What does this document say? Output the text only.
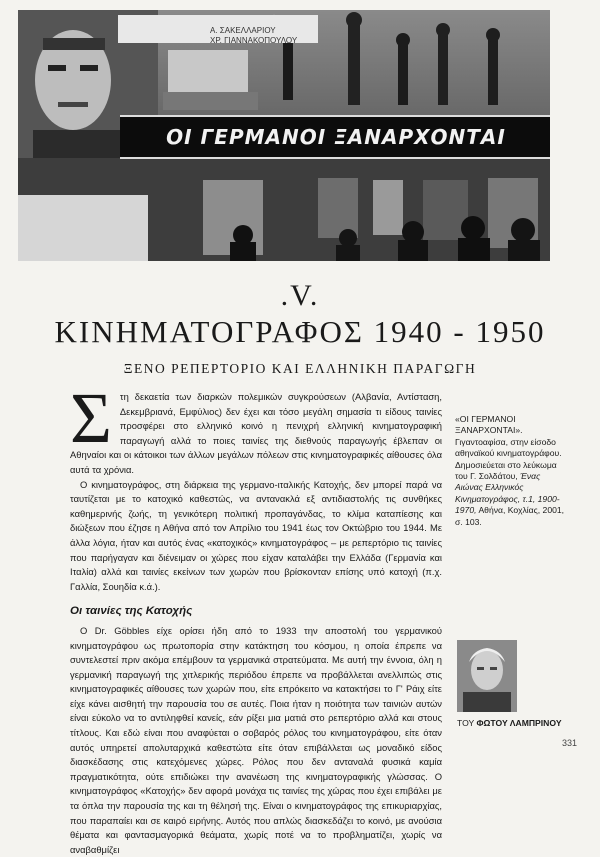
Α. ΣΑΚΕΛΛΑΡΙΟΥ
ΧΡ. ΓΙΑΝΝΑΚΟΠΟΥΛΟΥ
ΟΙ ΓΕΡΜΑΝΟΙ ΞΑΝΑΡΧΟΝΤΑΙ
.V.
ΚΙΝΗΜΑΤΟΓΡΑΦΟΣ 1940 - 1950
ΞΕΝΟ ΡΕΠΕΡΤΟΡΙΟ ΚΑΙ ΕΛΛΗΝΙΚΗ ΠΑΡΑΓΩΓΗ

Στη δεκαετία των διαρκών πολεμικών συγκρούσεων (Αλβανία, Αντίσταση, Δεκεμβριανά, Εμφύλιος) δεν έχει και τόσο μεγάλη σημασία τι είδους ταινίες προσφέρει στο ελληνικό κοινό η πενιχρή ελληνική κινηματογραφική παραγωγή αλλά το ποιες ταινίες της διεθνούς παραγωγής έβλεπαν οι Αθηναίοι και οι κάτοικοι των άλλων μεγάλων πόλεων στις κινηματογραφικές αίθουσες όλα αυτά τα χρόνια.

Ο κινηματογράφος, στη διάρκεια της γερμανο-ιταλικής Κατοχής, δεν μπορεί παρά να ταυτίζεται με το κατοχικό καθεστώς, να αντανακλά εξ αντιδιαστολής τις συνθήκες καθημερινής ζωής, τη γενικότερη πολιτική προπαγάνδας, το κλίμα καταπίεσης και διώξεων που έζησε η Αθήνα από τον Απρίλιο του 1941 έως τον Οκτώβριο του 1944. Με άλλα λόγια, ήταν και αυτός ένας «κατοχικός» κινηματογράφος – με ρεπερτόριο τις ταινίες που παρήγαγαν και διένειμαν οι χώρες που είχαν καταλάβει την Ελλάδα (Γερμανία και Ιταλία) αλλά και ταινίες εκείνων των χωρών που βρίσκονταν επίσης υπό κατοχή (π.χ. Γαλλία, Σουηδία κ.ά.).

Οι ταινίες της Κατοχής

Ο Dr. Göbbles είχε ορίσει ήδη από το 1933 την αποστολή του γερμανικού κινηματογράφου ως πρωτοπορία στην κατάκτηση του κόσμου, η οποία έπρεπε να συντελεστεί πριν ακόμα επέμβουν τα γερμανικά στρατεύματα. Με αυτή την έννοια, όλη η γερμανική παραγωγή της χιτλερικής περιόδου έπρεπε να προβάλλεται ανελλιπώς στις κινηματογραφικές αίθουσες των χωρών που, είτε επρόκειτο να κατακτήσει το Γ' Ράιχ είτε είχε κάνει αισθητή την παρουσία του σε αυτές. Ποια ήταν η ποιότητα των ταινιών αυτών είναι εύκολο να το αντιληφθεί κανείς, εάν ρίξει μια ματιά στο ρεπερτόριο αλλά και στους τίτλους. Και εδώ είναι που αναφύεται ο σοβαρός ρόλος του κινηματογράφου, είτε όταν αυτός υπηρετεί απολυταρχικά καθεστώτα είτε όταν επιβάλλεται ως μοναδικό είδος διασκέδασης στις κατεχόμενες χώρες. Ρόλος που δεν ανταναλά φυσικά καμία πραγματικότητα, ούτε επιδιώκει την ανανέωση της κινηματογραφικής γλώσσας. Ο κινηματογράφος «Κατοχής» δεν αφορά μονάχα τις ταινίες της χώρας που έχει επιβάλει με τα όπλα την παρουσία της και τη θέλησή της. Είναι ο κινηματογράφος της επικυριαρχίας, που παραπαίει και σε καιρό ειρήνης. Αυτός που απλώς διασκεδάζει το κοινό, με ανούσια θέματα και φαντασμαγορικά θεάματα, χωρίς ποτέ να το προβληματίζει, χωρίς να αναβαθμίζει

«ΟΙ ΓΕΡΜΑΝΟΙ ΞΑΝΑΡΧΟΝΤΑΙ». Γιγαντοαφίσα, στην είσοδο αθηναϊκού κινηματογράφου. Δημοσιεύεται στο λεύκωμα του Γ. Σολδάτου, Ένας Αιώνας Ελληνικός Κινηματογράφος, τ.1, 1900-1970, Αθήνα, Κοχλίας, 2001, σ. 103.
ΤΟΥ ΦΩΤΟΥ ΛΑΜΠΡΙΝΟΥ
331
